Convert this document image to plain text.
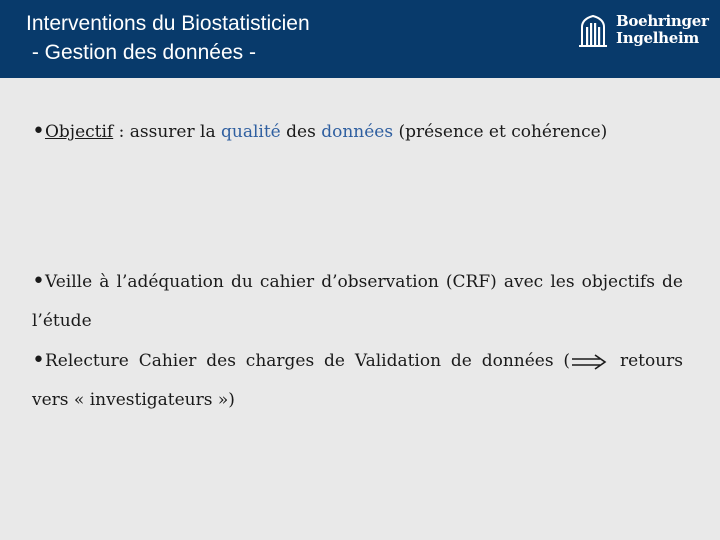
Interventions du Biostatisticien
- Gestion des données -
Boehringer
Ingelheim

•Objectif : assurer la qualité des données (présence et cohérence)

•Veille à l’adéquation du cahier d’observation (CRF) avec les objectifs de l’étude

•Relecture Cahier des charges de Validation de données ( retours vers « investigateurs »)
